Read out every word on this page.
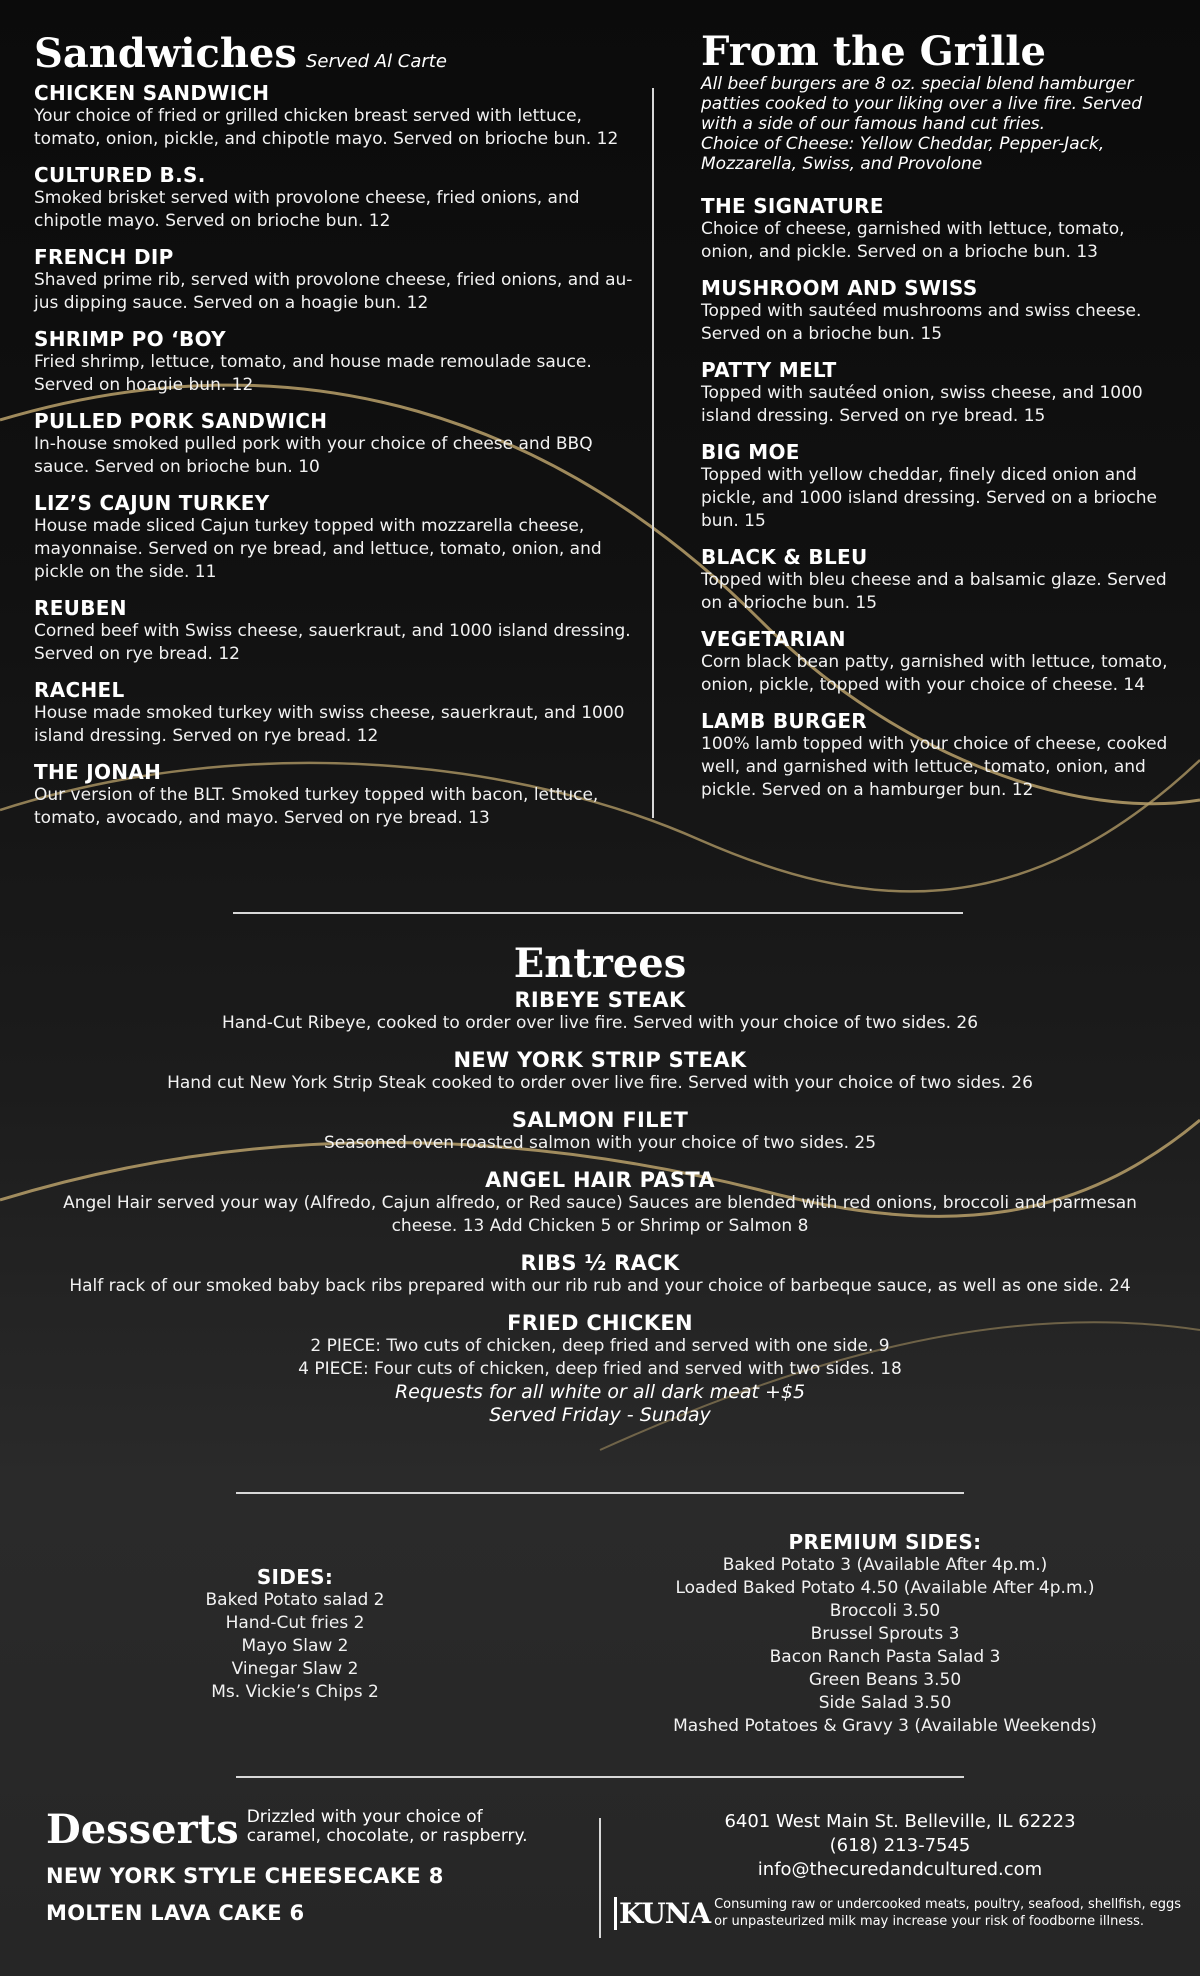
Sandwiches Served Al Carte
CHICKEN SANDWICH
Your choice of fried or grilled chicken breast served with lettuce, tomato, onion, pickle, and chipotle mayo. Served on brioche bun. 12
CULTURED B.S.
Smoked brisket served with provolone cheese, fried onions, and chipotle mayo. Served on brioche bun. 12
FRENCH DIP
Shaved prime rib, served with provolone cheese, fried onions, and au-jus dipping sauce. Served on a hoagie bun. 12
SHRIMP PO ‘BOY
Fried shrimp, lettuce, tomato, and house made remoulade sauce. Served on hoagie bun. 12
PULLED PORK SANDWICH
In-house smoked pulled pork with your choice of cheese and BBQ sauce. Served on brioche bun. 10
LIZ’S CAJUN TURKEY
House made sliced Cajun turkey topped with mozzarella cheese, mayonnaise. Served on rye bread, and lettuce, tomato, onion, and pickle on the side. 11
REUBEN
Corned beef with Swiss cheese, sauerkraut, and 1000 island dressing. Served on rye bread. 12
RACHEL
House made smoked turkey with swiss cheese, sauerkraut, and 1000 island dressing. Served on rye bread. 12
THE JONAH
Our version of the BLT. Smoked turkey topped with bacon, lettuce, tomato, avocado, and mayo. Served on rye bread. 13
From the Grille
All beef burgers are 8 oz. special blend hamburger patties cooked to your liking over a live fire. Served with a side of our famous hand cut fries.
Choice of Cheese: Yellow Cheddar, Pepper-Jack, Mozzarella, Swiss, and Provolone
THE SIGNATURE
Choice of cheese, garnished with lettuce, tomato, onion, and pickle. Served on a brioche bun. 13
MUSHROOM AND SWISS
Topped with sautéed mushrooms and swiss cheese. Served on a brioche bun. 15
PATTY MELT
Topped with sautéed onion, swiss cheese, and 1000 island dressing. Served on rye bread. 15
BIG MOE
Topped with yellow cheddar, finely diced onion and pickle, and 1000 island dressing. Served on a brioche bun. 15
BLACK & BLEU
Topped with bleu cheese and a balsamic glaze. Served on a brioche bun. 15
VEGETARIAN
Corn black bean patty, garnished with lettuce, tomato, onion, pickle, topped with your choice of cheese. 14
LAMB BURGER
100% lamb topped with your choice of cheese, cooked well, and garnished with lettuce, tomato, onion, and pickle. Served on a hamburger bun. 12
Entrees
RIBEYE STEAK
Hand-Cut Ribeye, cooked to order over live fire. Served with your choice of two sides. 26
NEW YORK STRIP STEAK
Hand cut New York Strip Steak cooked to order over live fire. Served with your choice of two sides. 26
SALMON FILET
Seasoned oven roasted salmon with your choice of two sides. 25
ANGEL HAIR PASTA
Angel Hair served your way (Alfredo, Cajun alfredo, or Red sauce) Sauces are blended with red onions, broccoli and parmesan cheese. 13 Add Chicken 5 or Shrimp or Salmon 8
RIBS ½ RACK
Half rack of our smoked baby back ribs prepared with our rib rub and your choice of barbeque sauce, as well as one side. 24
FRIED CHICKEN
2 PIECE: Two cuts of chicken, deep fried and served with one side. 9
4 PIECE: Four cuts of chicken, deep fried and served with two sides. 18
Requests for all white or all dark meat +$5
Served Friday - Sunday
SIDES:
Baked Potato salad 2
Hand-Cut fries 2
Mayo Slaw 2
Vinegar Slaw 2
Ms. Vickie’s Chips 2
PREMIUM SIDES:
Baked Potato 3 (Available After 4p.m.)
Loaded Baked Potato 4.50 (Available After 4p.m.)
Broccoli 3.50
Brussel Sprouts 3
Bacon Ranch Pasta Salad 3
Green Beans 3.50
Side Salad 3.50
Mashed Potatoes & Gravy 3 (Available Weekends)
Desserts Drizzled with your choice of caramel, chocolate, or raspberry.
NEW YORK STYLE CHEESECAKE 8
MOLTEN LAVA CAKE 6
6401 West Main St. Belleville, IL 62223
(618) 213-7545
info@thecuredandcultured.com
KUNA Consuming raw or undercooked meats, poultry, seafood, shellfish, eggs or unpasteurized milk may increase your risk of foodborne illness.
